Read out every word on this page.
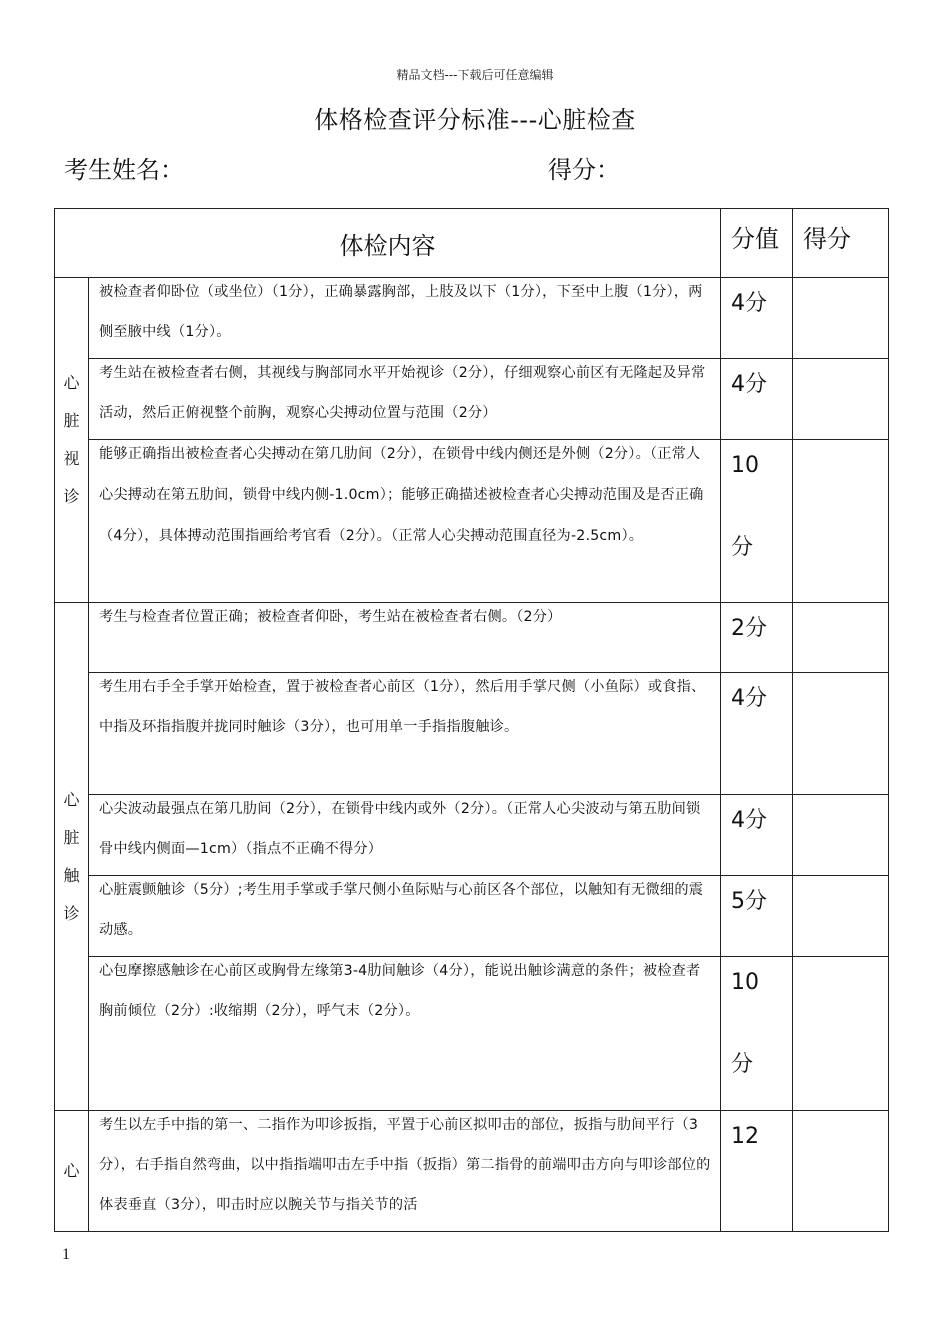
精品文档---下载后可任意编辑
体格检查评分标准---心脏检查
考生姓名：	得分：
体检内容		分值	得分

心
脏
视
诊	被检查者仰卧位（或坐位）（1分），正确暴露胸部，上肢及以下（1分），下至中上腹（1分），两侧至腋中线（1分）。	4分	

	考生站在被检查者右侧，其视线与胸部同水平开始视诊（2分），仔细观察心前区有无隆起及异常活动，然后正俯视整个前胸，观察心尖搏动位置与范围（2分）	4分	

	能够正确指出被检查者心尖搏动在第几肋间（2分），在锁骨中线内侧还是外侧（2分）。（正常人心尖搏动在第五肋间，锁骨中线内侧-1.0cm）；能够正确描述被检查者心尖搏动范围及是否正确（4分），具体搏动范围指画给考官看（2分）。（正常人心尖搏动范围直径为-2.5cm）。	10
分	

心
脏
触
诊	考生与检查者位置正确；被检查者仰卧，考生站在被检查者右侧。（2分）	2分	

	考生用右手全手掌开始检查，置于被检查者心前区（1分），然后用手掌尺侧（小鱼际）或食指、中指及环指指腹并拢同时触诊（3分），也可用单一手指指腹触诊。	4分	

	心尖波动最强点在第几肋间（2分），在锁骨中线内或外（2分）。（正常人心尖波动与第五肋间锁骨中线内侧面—1cm）（指点不正确不得分）	4分	

	心脏震颤触诊（5分）;考生用手掌或手掌尺侧小鱼际贴与心前区各个部位，以触知有无微细的震动感。	5分	

	心包摩擦感触诊在心前区或胸骨左缘第3-4肋间触诊（4分），能说出触诊满意的条件；被检查者胸前倾位（2分）:收缩期（2分），呼气末（2分）。	10
分	

心	考生以左手中指的第一、二指作为叩诊扳指，平置于心前区拟叩击的部位，扳指与肋间平行（3分），右手指自然弯曲，以中指指端叩击左手中指（扳指）第二指骨的前端叩击方向与叩诊部位的体表垂直（3分），叩击时应以腕关节与指关节的活	12	

1
